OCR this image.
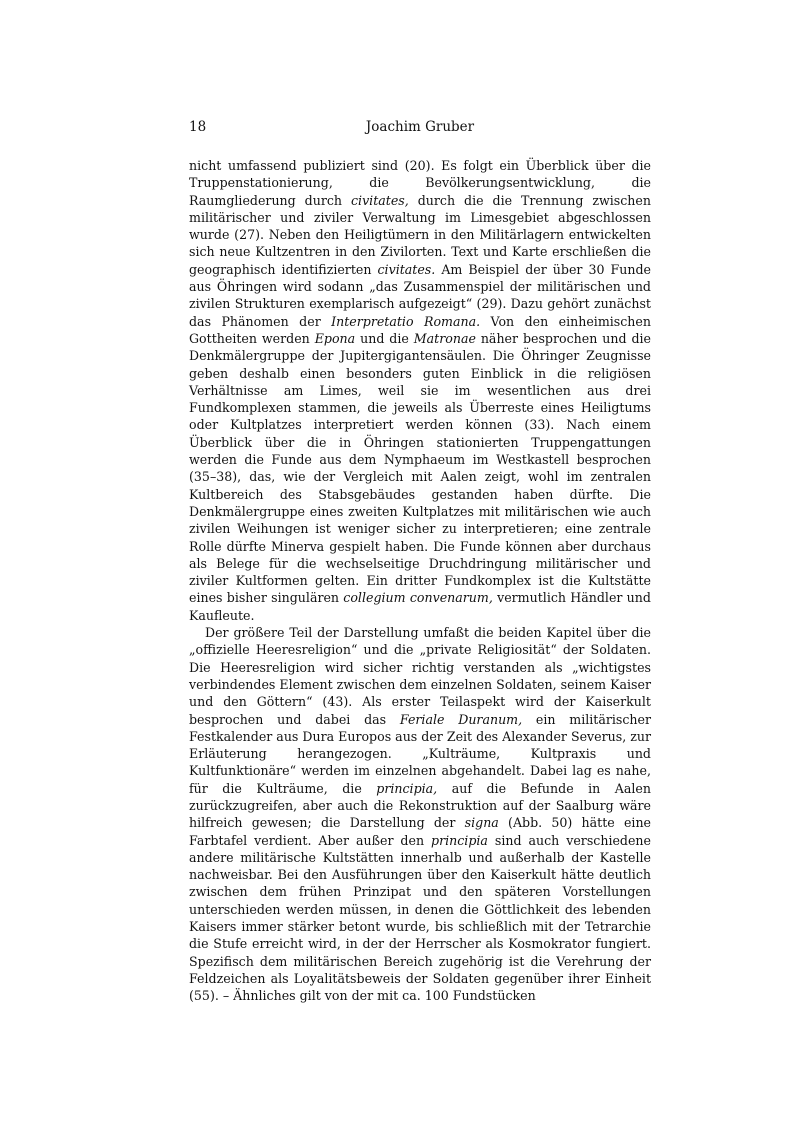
18	Joachim Gruber

nicht umfassend publiziert sind (20). Es folgt ein Überblick über die Truppenstationierung, die Bevölkerungsentwicklung, die Raumgliederung durch civitates, durch die die Trennung zwischen militärischer und ziviler Verwaltung im Limesgebiet abgeschlossen wurde (27). Neben den Heiligtümern in den Militärlagern entwickelten sich neue Kultzentren in den Zivilorten. Text und Karte erschließen die geographisch identifizierten civitates. Am Beispiel der über 30 Funde aus Öhringen wird sodann „das Zusammenspiel der militärischen und zivilen Strukturen exemplarisch aufgezeigt“ (29). Dazu gehört zunächst das Phänomen der Interpretatio Romana. Von den einheimischen Gottheiten werden Epona und die Matronae näher besprochen und die Denkmälergruppe der Jupitergigantensäulen. Die Öhringer Zeugnisse geben deshalb einen besonders guten Einblick in die religiösen Verhältnisse am Limes, weil sie im wesentlichen aus drei Fundkomplexen stammen, die jeweils als Überreste eines Heiligtums oder Kultplatzes interpretiert werden können (33). Nach einem Überblick über die in Öhringen stationierten Truppengattungen werden die Funde aus dem Nymphaeum im Westkastell besprochen (35–38), das, wie der Vergleich mit Aalen zeigt, wohl im zentralen Kultbereich des Stabsgebäudes gestanden haben dürfte. Die Denkmälergruppe eines zweiten Kultplatzes mit militärischen wie auch zivilen Weihungen ist weniger sicher zu interpretieren; eine zentrale Rolle dürfte Minerva gespielt haben. Die Funde können aber durchaus als Belege für die wechselseitige Druchdringung militärischer und ziviler Kultformen gelten. Ein dritter Fundkomplex ist die Kultstätte eines bisher singulären collegium convenarum, vermutlich Händler und Kaufleute.

Der größere Teil der Darstellung umfaßt die beiden Kapitel über die „offizielle Heeresreligion“ und die „private Religiosität“ der Soldaten. Die Heeresreligion wird sicher richtig verstanden als „wichtigstes verbindendes Element zwischen dem einzelnen Soldaten, seinem Kaiser und den Göttern“ (43). Als erster Teilaspekt wird der Kaiserkult besprochen und dabei das Feriale Duranum, ein militärischer Festkalender aus Dura Europos aus der Zeit des Alexander Severus, zur Erläuterung herangezogen. „Kulträume, Kultpraxis und Kultfunktionäre“ werden im einzelnen abgehandelt. Dabei lag es nahe, für die Kulträume, die principia, auf die Befunde in Aalen zurückzugreifen, aber auch die Rekonstruktion auf der Saalburg wäre hilfreich gewesen; die Darstellung der signa (Abb. 50) hätte eine Farbtafel verdient. Aber außer den principia sind auch verschiedene andere militärische Kultstätten innerhalb und außerhalb der Kastelle nachweisbar. Bei den Ausführungen über den Kaiserkult hätte deutlich zwischen dem frühen Prinzipat und den späteren Vorstellungen unterschieden werden müssen, in denen die Göttlichkeit des lebenden Kaisers immer stärker betont wurde, bis schließlich mit der Tetrarchie die Stufe erreicht wird, in der der Herrscher als Kosmokrator fungiert. Spezifisch dem militärischen Bereich zugehörig ist die Verehrung der Feldzeichen als Loyalitätsbeweis der Soldaten gegenüber ihrer Einheit (55). – Ähnliches gilt von der mit ca. 100 Fundstücken
